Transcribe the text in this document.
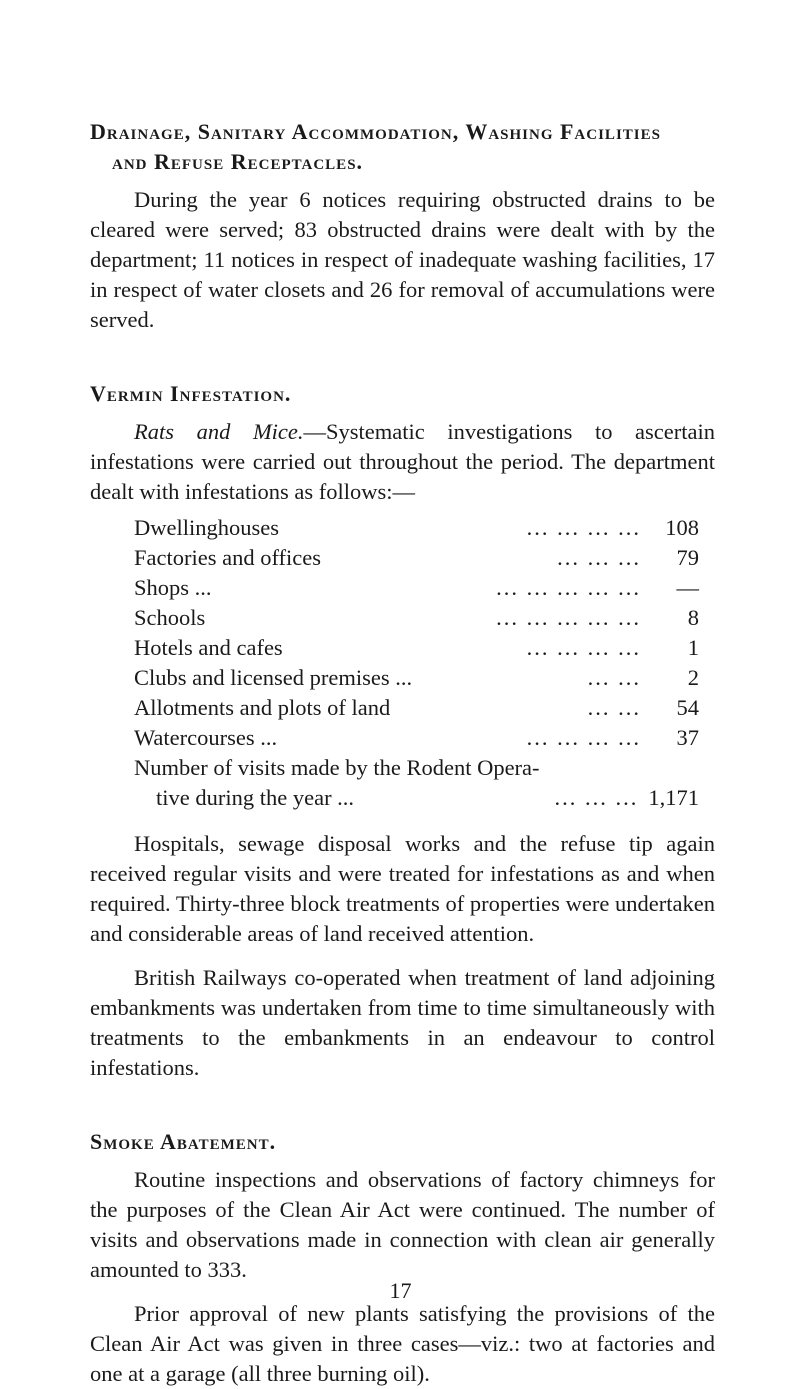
Drainage, Sanitary Accommodation, Washing Facilities
and Refuse Receptacles.

During the year 6 notices requiring obstructed drains to be cleared were served; 83 obstructed drains were dealt with by the department; 11 notices in respect of inadequate washing facilities, 17 in respect of water closets and 26 for removal of accumulations were served.

Vermin Infestation.

Rats and Mice.—Systematic investigations to ascertain infestations were carried out throughout the period. The department dealt with infestations as follows:—

Dwellinghouses	... ... ... ...	108
Factories and offices	... ... ...	79
Shops ...	... ... ... ... ...	—
Schools	... ... ... ... ...	8
Hotels and cafes	... ... ... ...	1
Clubs and licensed premises ...	... ...	2
Allotments and plots of land	... ...	54
Watercourses ...	... ... ... ...	37
Number of visits made by the Rodent Opera-
tive during the year ...	... ... ... 1,171

Hospitals, sewage disposal works and the refuse tip again received regular visits and were treated for infestations as and when required. Thirty-three block treatments of properties were undertaken and considerable areas of land received attention.

British Railways co-operated when treatment of land adjoining embankments was undertaken from time to time simultaneously with treatments to the embankments in an endeavour to control infestations.

Smoke Abatement.

Routine inspections and observations of factory chimneys for the purposes of the Clean Air Act were continued. The number of visits and observations made in connection with clean air generally amounted to 333.

Prior approval of new plants satisfying the provisions of the Clean Air Act was given in three cases—viz.: two at factories and one at a garage (all three burning oil).

17
